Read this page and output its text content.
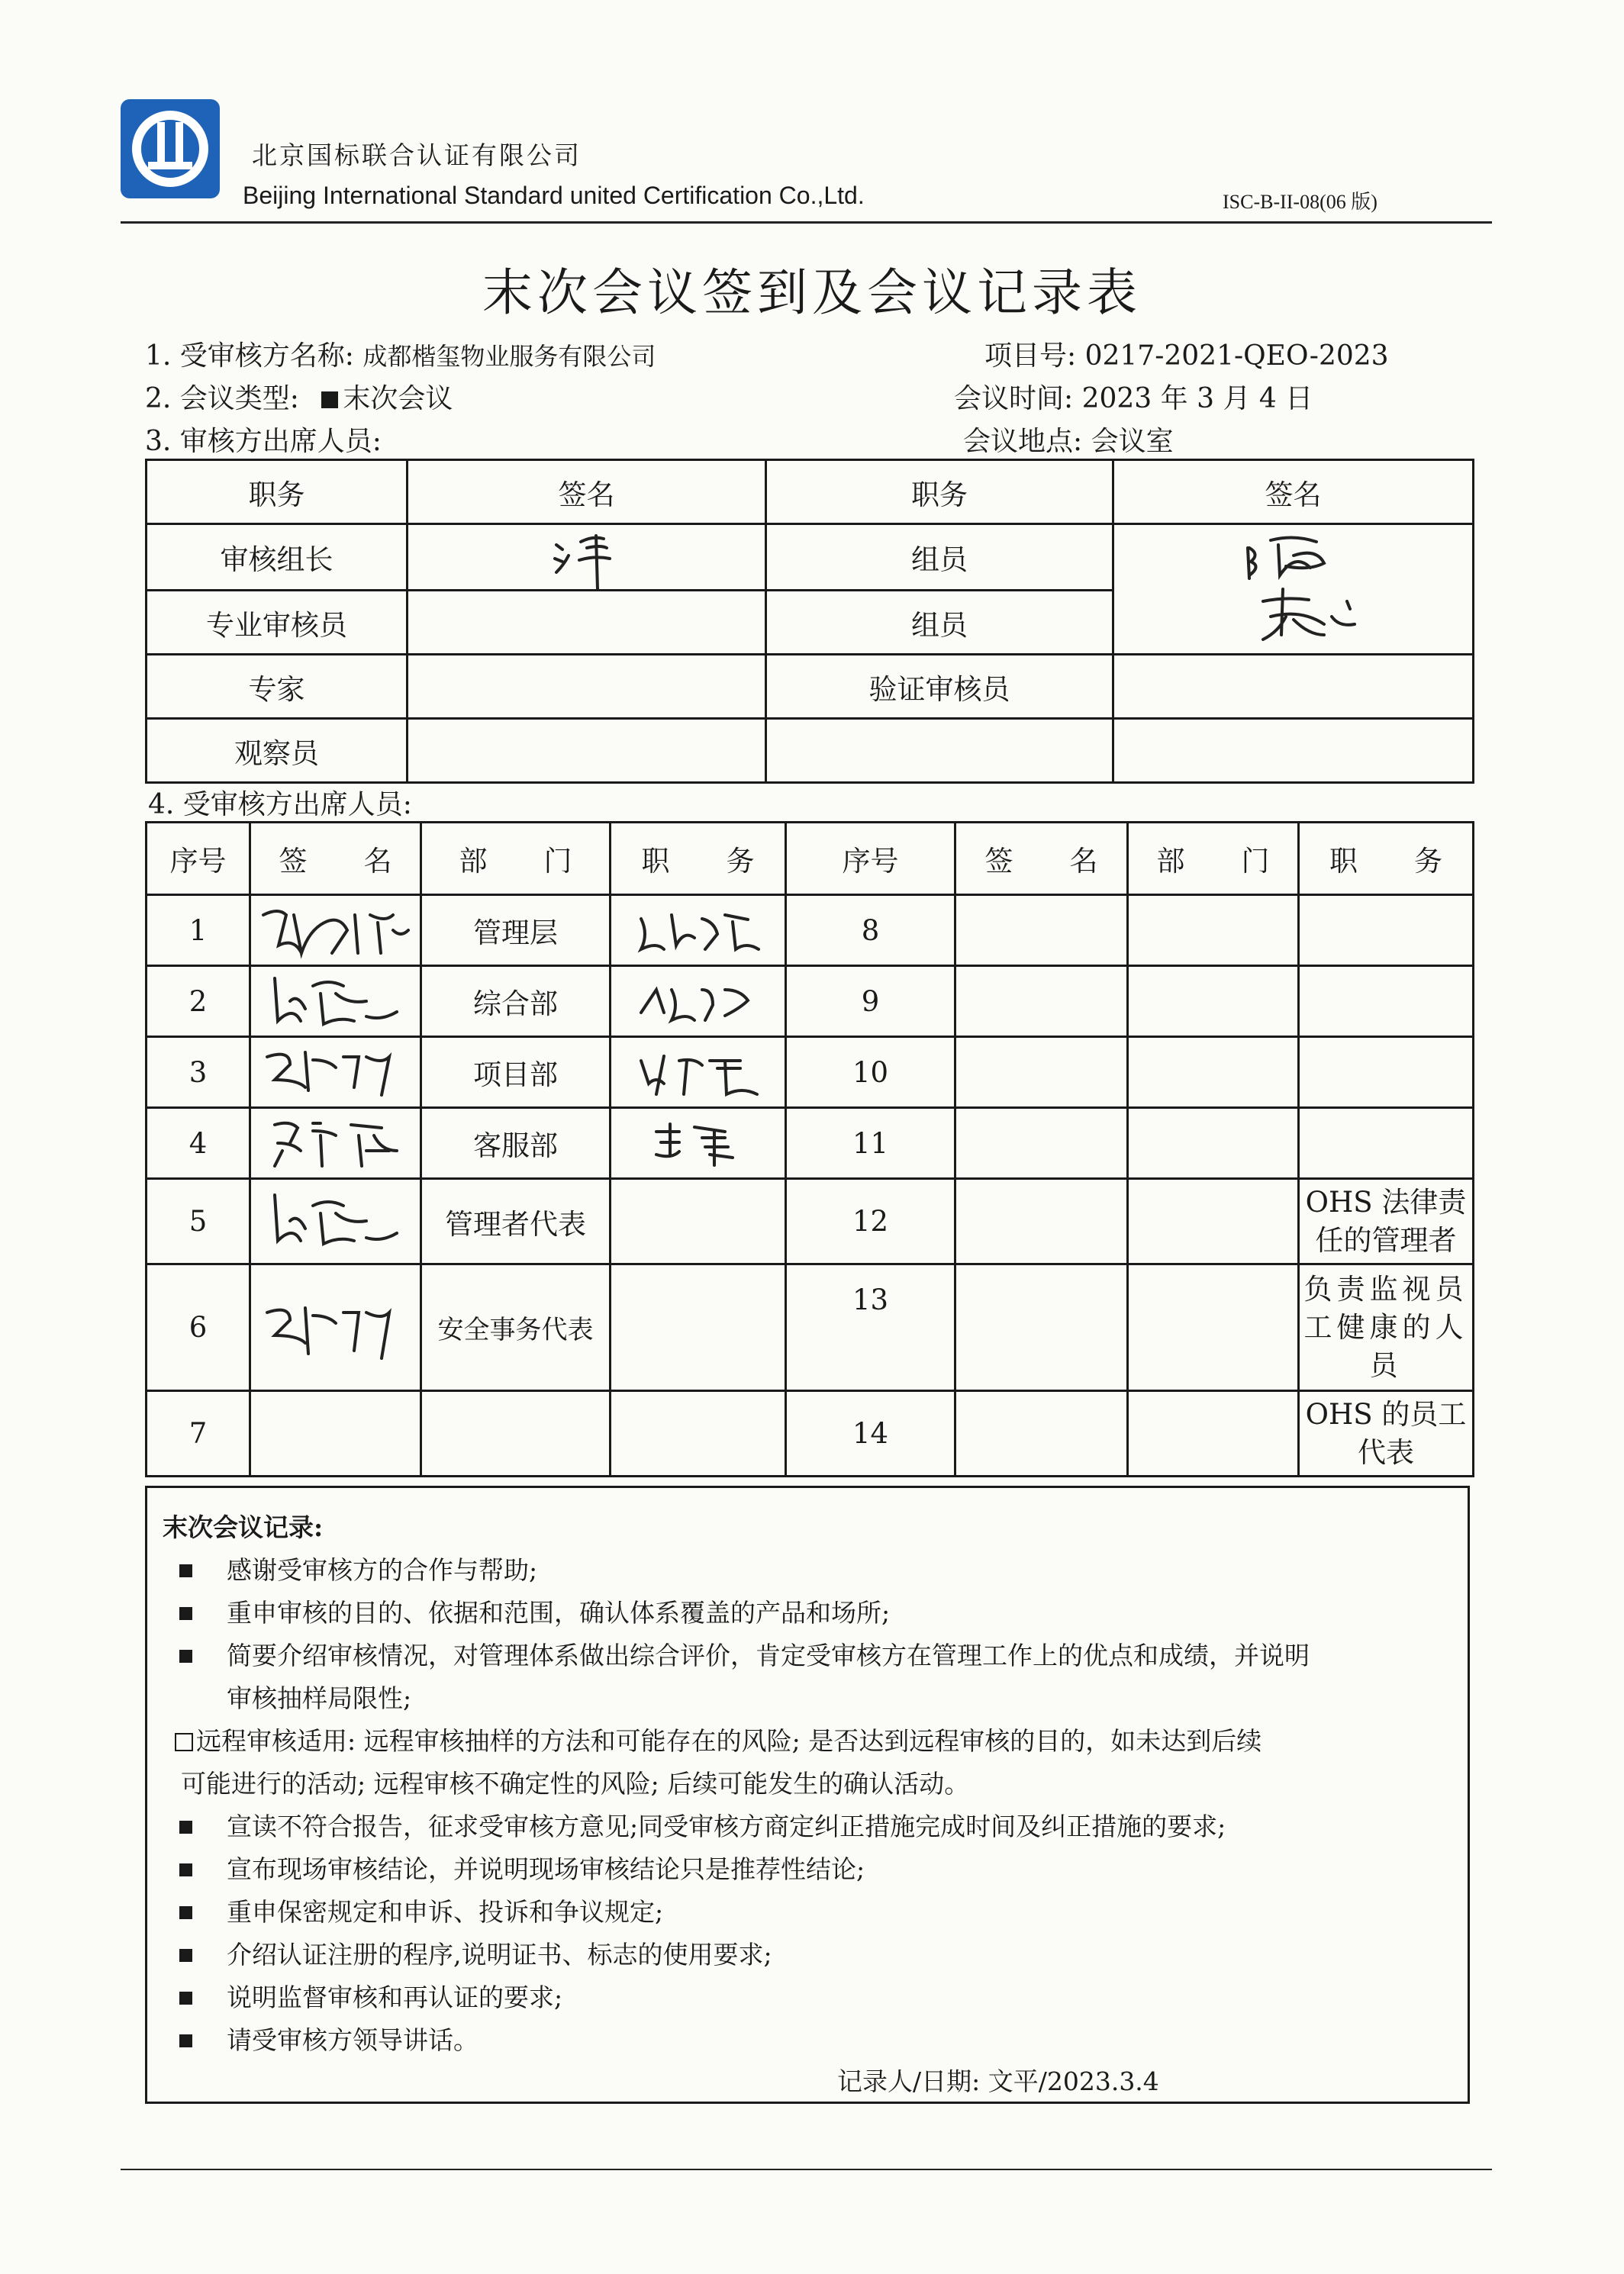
北京国标联合认证有限公司
Beijing International Standard united Certification Co.,Ltd.	ISC-B-II-08(06 版)
末次会议签到及会议记录表
1. 受审核方名称: 成都楷玺物业服务有限公司	项目号: 0217-2021-QEO-2023
2. 会议类型: 末次会议	会议时间: 2023 年 3 月 4 日
3. 审核方出席人员:	会议地点: 会议室
职务	签名	职务	签名
审核组长		组员	

专业审核员		组员	
专家		验证审核员	
观察员			
4. 受审核方出席人员:
序号	签　　名	部　　门	职　　务	序号	签　　名	部　　门	职　　务
1		管理层		8			
2		综合部		9			
3		项目部		10			
4		客服部		11			
5		管理者代表		12			OHS 法律责任的管理者
6		安全事务代表		13			负责监视员工健康的人员
7				14			OHS 的员工代表
末次会议记录:
感谢受审核方的合作与帮助;
重申审核的目的、依据和范围，确认体系覆盖的产品和场所;
简要介绍审核情况，对管理体系做出综合评价，肯定受审核方在管理工作上的优点和成绩，并说明
审核抽样局限性;
远程审核适用: 远程审核抽样的方法和可能存在的风险; 是否达到远程审核的目的，如未达到后续
可能进行的活动; 远程审核不确定性的风险; 后续可能发生的确认活动。
宣读不符合报告，征求受审核方意见;同受审核方商定纠正措施完成时间及纠正措施的要求;
宣布现场审核结论，并说明现场审核结论只是推荐性结论;
重申保密规定和申诉、投诉和争议规定;
介绍认证注册的程序,说明证书、标志的使用要求;
说明监督审核和再认证的要求;
请受审核方领导讲话。
记录人/日期: 文平/2023.3.4
